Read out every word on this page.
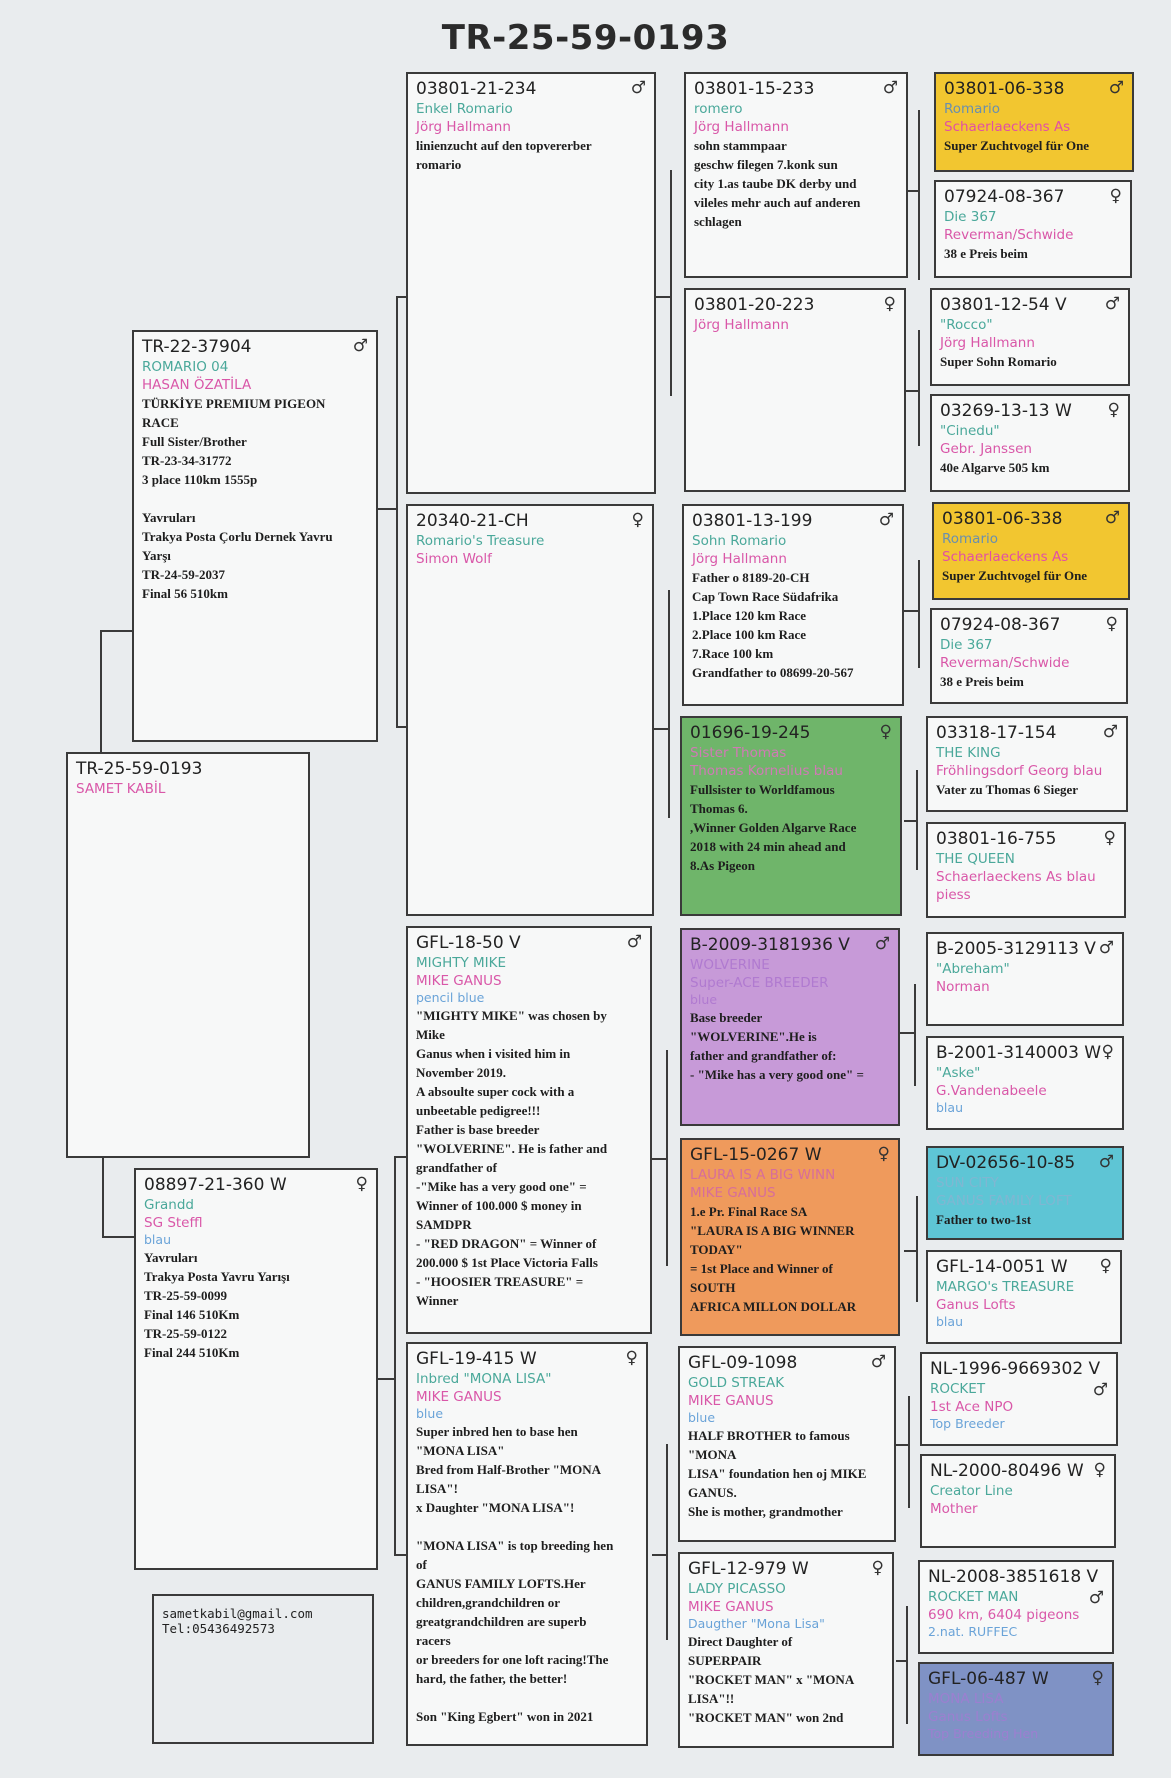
TR-25-59-0193
TR-25-59-0193
SAMET KABİL
TR-22-37904	♂
ROMARIO 04
HASAN ÖZATİLA
TÜRKİYE PREMIUM PIGEON
RACE
Full Sister/Brother
TR-23-34-31772
3 place 110km 1555p

Yavruları
Trakya Posta Çorlu Dernek Yavru
Yarşı
TR-24-59-2037
Final 56 510km
08897-21-360 W	♀
Grandd
SG Steffl
blau
Yavruları
Trakya Posta Yavru Yarışı
TR-25-59-0099
Final 146 510Km
TR-25-59-0122
Final 244 510Km
03801-21-234	♂
Enkel Romario
Jörg Hallmann
linienzucht auf den topvererber
romario
20340-21-CH	♀
Romario's Treasure
Simon Wolf
GFL-18-50 V	♂
MIGHTY MIKE
MIKE GANUS
pencil blue
"MIGHTY MIKE" was chosen by
Mike
Ganus when i visited him in
November 2019.
A absoulte super cock with a
unbeetable pedigree!!!
Father is base breeder
"WOLVERINE". He is father and
grandfather of
-"Mike has a very good one" =
Winner of 100.000 $ money in
SAMDPR
- "RED DRAGON" = Winner of
200.000 $ 1st Place Victoria Falls
- "HOOSIER TREASURE" =
Winner
GFL-19-415 W	♀
Inbred "MONA LISA"
MIKE GANUS
blue
Super inbred hen to base hen
"MONA LISA"
Bred from Half-Brother "MONA
LISA"!
x Daughter "MONA LISA"!

"MONA LISA" is top breeding hen
of
GANUS FAMILY LOFTS.Her
children,grandchildren or
greatgrandchildren are superb
racers
or breeders for one loft racing!The
hard, the father, the better!

Son "King Egbert" won in 2021
03801-15-233	♂
romero
Jörg Hallmann
sohn stammpaar
geschw filegen 7.konk sun
city 1.as taube DK derby und
vileles mehr auch auf anderen
schlagen
03801-20-223	♀
Jörg Hallmann
03801-13-199	♂
Sohn Romario
Jörg Hallmann
Father o 8189-20-CH
Cap Town Race Südafrika
1.Place 120 km Race
2.Place 100 km Race
7.Race 100 km
Grandfather to 08699-20-567
01696-19-245	♀
Sister Thomas
Thomas Kornelius blau
Fullsister to Worldfamous
Thomas 6.
,Winner Golden Algarve Race
2018 with 24 min ahead and
8.As Pigeon
B-2009-3181936 V	♂
WOLVERINE
Super-ACE BREEDER
blue
Base breeder
"WOLVERINE".He is
father and grandfather of:
- "Mike has a very good one" =
GFL-15-0267 W	♀
LAURA IS A BIG WINN
MIKE GANUS
1.e Pr. Final Race SA
"LAURA IS A BIG WINNER
TODAY"
= 1st Place and Winner of
SOUTH
AFRICA MILLON DOLLAR
GFL-09-1098	♂
GOLD STREAK
MIKE GANUS
blue
HALF BROTHER to famous
"MONA
LISA" foundation hen oj MIKE
GANUS.
She is mother, grandmother
GFL-12-979 W	♀
LADY PICASSO
MIKE GANUS
Daugther "Mona Lisa"
Direct Daughter of
SUPERPAIR
"ROCKET MAN" x "MONA
LISA"!!
"ROCKET MAN" won 2nd
03801-06-338	♂
Romario
Schaerlaeckens As
Super Zuchtvogel für One
07924-08-367	♀
Die 367
Reverman/Schwide
38 e Preis beim
03801-12-54 V	♂
"Rocco"
Jörg Hallmann
Super Sohn Romario
03269-13-13 W	♀
"Cinedu"
Gebr. Janssen
40e Algarve 505 km
03801-06-338	♂
Romario
Schaerlaeckens As
Super Zuchtvogel für One
07924-08-367	♀
Die 367
Reverman/Schwide
38 e Preis beim
03318-17-154	♂
THE KING
Fröhlingsdorf Georg blau
Vater zu Thomas 6 Sieger
03801-16-755	♀
THE QUEEN
Schaerlaeckens As blau
piess
B-2005-3129113 V ♂
"Abreham"
Norman
B-2001-3140003 W ♀
"Aske"
G.Vandenabeele
blau
DV-02656-10-85	♂
SUN CITY
GANUS FAMILY LOFT
Father to two-1st
GFL-14-0051 W	♀
MARGO's TREASURE
Ganus Lofts
blau
NL-1996-9669302 V
♂
ROCKET
1st Ace NPO
Top Breeder
NL-2000-80496 W ♀
Creator Line
Mother
NL-2008-3851618 V
♂
ROCKET MAN
690 km, 6404 pigeons
2.nat. RUFFEC
GFL-06-487 W	♀
MONA LISA
Ganus Lofts
Top Breeding Hen
sametkabil@gmail.com
Tel:05436492573
